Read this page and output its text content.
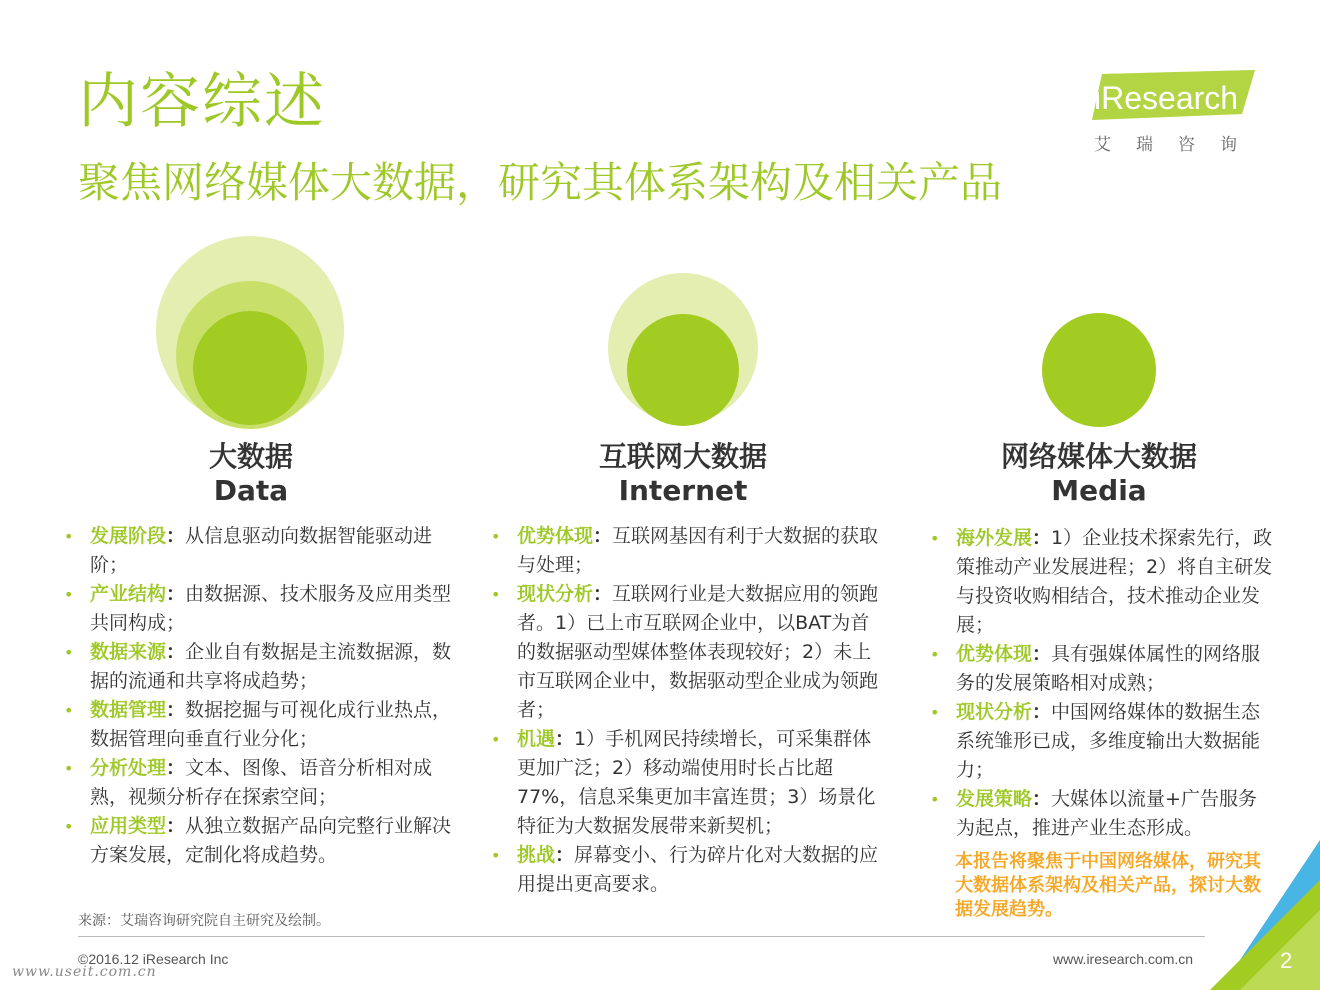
内容综述
聚焦网络媒体大数据，研究其体系架构及相关产品
iResearch
艾瑞咨询
大数据
Data
• 发展阶段：从信息驱动向数据智能驱动进阶；
• 产业结构：由数据源、技术服务及应用类型共同构成；
• 数据来源：企业自有数据是主流数据源，数据的流通和共享将成趋势；
• 数据管理：数据挖掘与可视化成行业热点，数据管理向垂直行业分化；
• 分析处理：文本、图像、语音分析相对成熟，视频分析存在探索空间；
• 应用类型：从独立数据产品向完整行业解决方案发展，定制化将成趋势。
互联网大数据
Internet
• 优势体现：互联网基因有利于大数据的获取与处理；
• 现状分析：互联网行业是大数据应用的领跑者。1）已上市互联网企业中，以BAT为首的数据驱动型媒体整体表现较好；2）未上市互联网企业中，数据驱动型企业成为领跑者；
• 机遇：1）手机网民持续增长，可采集群体更加广泛；2）移动端使用时长占比超77%，信息采集更加丰富连贯；3）场景化特征为大数据发展带来新契机；
• 挑战：屏幕变小、行为碎片化对大数据的应用提出更高要求。
网络媒体大数据
Media
• 海外发展：1）企业技术探索先行，政策推动产业发展进程；2）将自主研发与投资收购相结合，技术推动企业发展；
• 优势体现：具有强媒体属性的网络服务的发展策略相对成熟；
• 现状分析：中国网络媒体的数据生态系统雏形已成，多维度输出大数据能力；
• 发展策略：大媒体以流量+广告服务为起点，推进产业生态形成。
本报告将聚焦于中国网络媒体，研究其大数据体系架构及相关产品，探讨大数据发展趋势。
来源：艾瑞咨询研究院自主研究及绘制。
©2016.12 iResearch Inc	www.iresearch.com.cn
www.useit.com.cn	2
